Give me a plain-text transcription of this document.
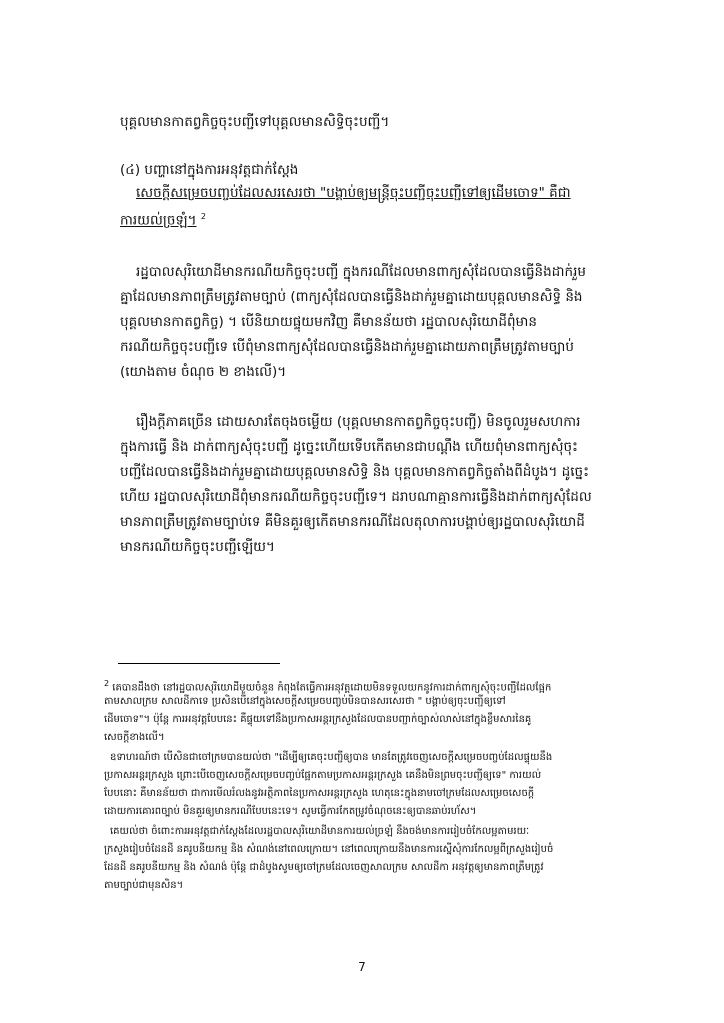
បុគ្គលមានកាតព្វកិច្ចចុះបញ្ជីទៅបុគ្គលមានសិទ្ធិចុះបញ្ជី។
(៤) បញ្ហានៅក្នុងការអនុវត្តជាក់ស្តែង
សេចក្តីសម្រេចបញ្ចប់ដែលសរសេរថា "បង្គាប់ឲ្យមន្ត្រីចុះបញ្ជីចុះបញ្ជីទៅឲ្យដើមចោទ" គឺជា
ការយល់ច្រឡំ។ $^2$
រដ្ឋបាលសុរិយោដីមានករណីយកិច្ចចុះបញ្ជី ក្នុងករណីដែលមានពាក្យសុំដែលបានធ្វើនិងដាក់រួម
គ្នាដែលមានភាពត្រឹមត្រូវតាមច្បាប់ (ពាក្យសុំដែលបានធ្វើនិងដាក់រួមគ្នាដោយបុគ្គលមានសិទ្ធិ និង
បុគ្គលមានកាតព្វកិច្ច) ។ បើនិយាយផ្ទុយមកវិញ គឺមានន័យថា រដ្ឋបាលសុរិយោដីពុំមាន
ករណីយកិច្ចចុះបញ្ជីទេ បើពុំមានពាក្យសុំដែលបានធ្វើនិងដាក់រួមគ្នាដោយភាពត្រឹមត្រូវតាមច្បាប់
(យោងតាម ចំណុច ២ ខាងលើ)។
រឿងក្តីភាគច្រើន ដោយសារតែចុងចម្លើយ (បុគ្គលមានកាតព្វកិច្ចចុះបញ្ជី) មិនចូលរួមសហការ
ក្នុងការធ្វើ និង ដាក់ពាក្យសុំចុះបញ្ជី ដូច្នេះហើយទើបកើតមានជាបណ្តឹង ហើយពុំមានពាក្យសុំចុះ
បញ្ជីដែលបានធ្វើនិងដាក់រួមគ្នាដោយបុគ្គលមានសិទ្ធិ និង បុគ្គលមានកាតព្វកិច្ចតាំងពីដំបូង។ ដូច្នេះ
ហើយ រដ្ឋបាលសុរិយោដីពុំមានករណីយកិច្ចចុះបញ្ជីទេ។ ដរាបណាគ្មានការធ្វើនិងដាក់ពាក្យសុំដែល
មានភាពត្រឹមត្រូវតាមច្បាប់ទេ គឺមិនគួរឲ្យកើតមានករណីដែលតុលាការបង្គាប់ឲ្យរដ្ឋបាលសុរិយោដី
មានករណីយកិច្ចចុះបញ្ជីឡើយ។
$^2$ គេបានដឹងថា នៅរដ្ឋបាលសុរិយោដីមួយចំនួន កំពុងតែធ្វើការអនុវត្តដោយមិនទទួលយកនូវការដាក់ពាក្យសុំចុះបញ្ជីដែលផ្អែក
តាមសាលក្រម សាលដីកាទេ ប្រសិនបើនៅក្នុងសេចក្តីសម្រេចបញ្ចប់មិនបានសរសេរថា " បង្គាប់ឲ្យចុះបញ្ជីឲ្យទៅ
ដើមចោទ"។ ប៉ុន្តែ ការអនុវត្តបែបនេះ គឺផ្ទុយទៅនឹងប្រកាសអន្តរក្រសួងដែលបានបញ្ជាក់ច្បាស់លាស់នៅក្នុងខ្លឹមសារនៃគូ
សេចក្តីខាងលើ។
ឧទាហរណ៍ថា បើសិនជាចៅក្រមបានយល់ថា "ដើម្បីឲ្យគេចុះបញ្ជីឲ្យបាន មានតែត្រូវចេញសេចក្តីសម្រេចបញ្ចប់ដែលផ្ទុយនឹង
ប្រកាសអន្តរក្រសួង ព្រោះបើចេញសេចក្តីសម្រេចបញ្ចប់ផ្អែកតាមប្រកាសអន្តរក្រសួង គេនឹងមិនព្រមចុះបញ្ជីឲ្យទេ" ការយល់
បែបនោះ គឺមានន័យថា ជាការមើលរំលងនូវអត្ថិភាពនៃប្រកាសអន្តរក្រសួង ហេតុនេះក្នុងនាមចៅក្រមដែលសម្រេចសេចក្តី
ដោយការគោរពច្បាប់ មិនគួរឲ្យមានករណីបែបនេះទេ។ សូមធ្វើការកែតម្រូវចំណុចនេះឲ្យបានឆាប់រហ័ស។
គេយល់ថា ចំពោះការអនុវត្តជាក់ស្តែងដែលរដ្ឋបាលសុរិយោដីមានការយល់ច្រឡំ នឹងចង់មានការរៀបចំកែលម្អតាមរយៈ
ក្រសួងរៀបចំដែនដី នគរូបនីយកម្ម និង សំណង់នៅពេលក្រោយ។ នៅពេលក្រោយនឹងមានការស្នើសុំការកែលម្អពីក្រសួងរៀបចំ
ដែនដី នគរូបនីយកម្ម និង សំណង់ ប៉ុន្តែ ជាដំបូងសូមឲ្យចៅក្រមដែលចេញសាលក្រម សាលដីកា អនុវត្តឲ្យមានភាពត្រឹមត្រូវ
តាមច្បាប់ជាមុនសិន។
7
